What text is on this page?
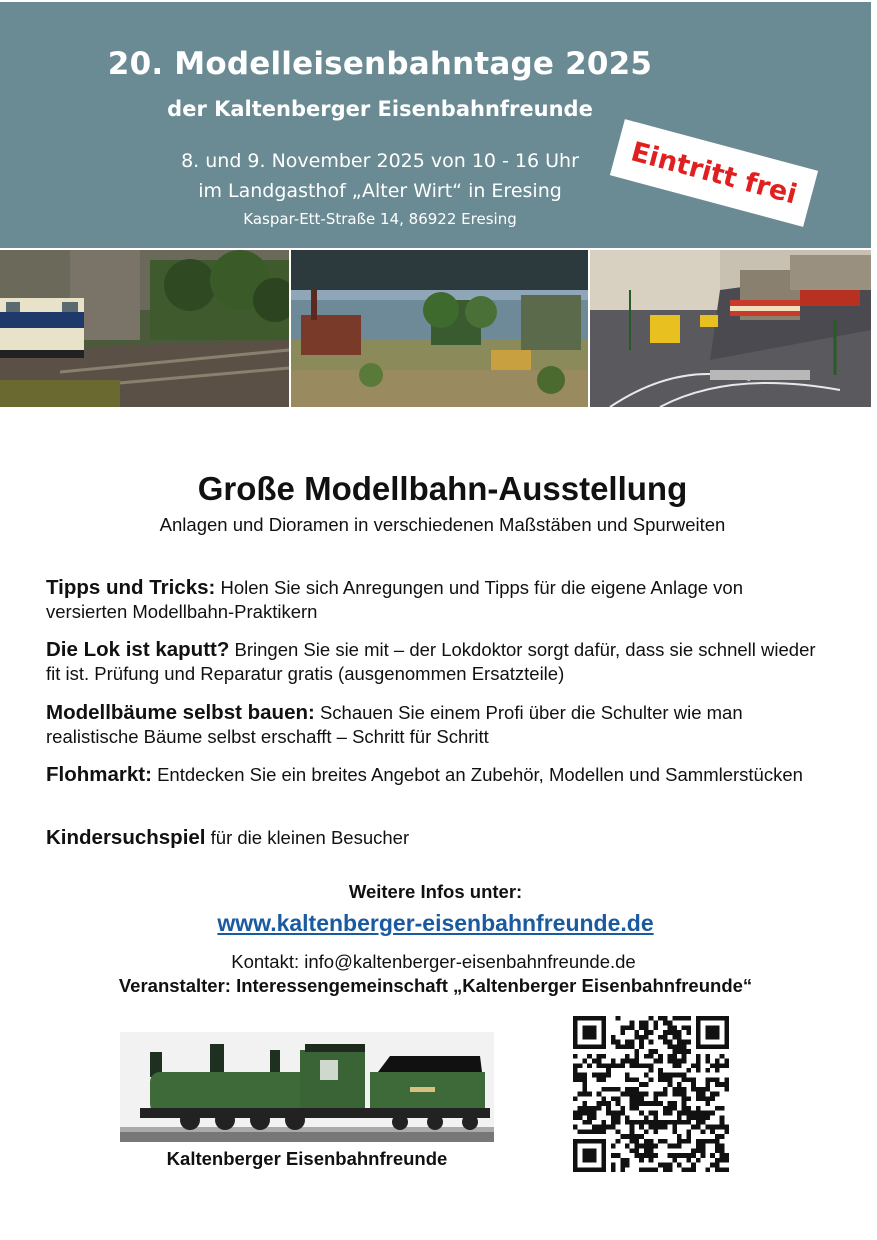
20. Modelleisenbahntage 2025
der Kaltenberger Eisenbahnfreunde
8. und 9. November 2025 von 10 - 16 Uhr
im Landgasthof „Alter Wirt“ in Eresing
Kaspar-Ett-Straße 14, 86922 Eresing
Eintritt frei
Große Modellbahn-Ausstellung
Anlagen und Dioramen in verschiedenen Maßstäben und Spurweiten
Tipps und Tricks: Holen Sie sich Anregungen und Tipps für die eigene Anlage von versierten Modellbahn-Praktikern
Die Lok ist kaputt? Bringen Sie sie mit – der Lokdoktor sorgt dafür, dass sie schnell wieder fit ist. Prüfung und Reparatur gratis (ausgenommen Ersatzteile)
Modellbäume selbst bauen: Schauen Sie einem Profi über die Schulter wie man realistische Bäume selbst erschafft – Schritt für Schritt
Flohmarkt: Entdecken Sie ein breites Angebot an Zubehör, Modellen und Sammlerstücken
Kindersuchspiel für die kleinen Besucher
Weitere Infos unter:
www.kaltenberger-eisenbahnfreunde.de
Kontakt: info@kaltenberger-eisenbahnfreunde.de
Veranstalter: Interessengemeinschaft „Kaltenberger Eisenbahnfreunde“
Kaltenberger Eisenbahnfreunde
